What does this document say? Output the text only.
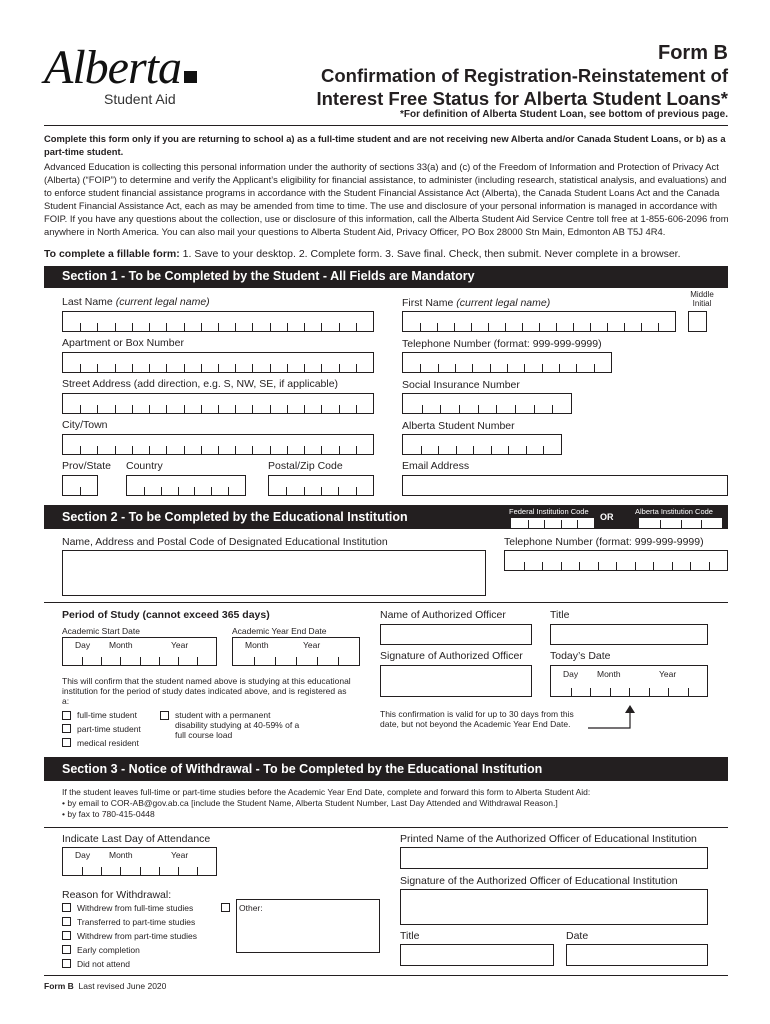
Alberta
Student Aid
Form B
Confirmation of Registration-Reinstatement of
Interest Free Status for Alberta Student Loans*
*For definition of Alberta Student Loan, see bottom of previous page.
Complete this form only if you are returning to school a) as a full-time student and are not receiving new Alberta and/or Canada Student Loans, or b) as a part-time student.
Advanced Education is collecting this personal information under the authority of sections 33(a) and (c) of the Freedom of Information and Protection of Privacy Act (Alberta) (“FOIP”) to determine and verify the Applicant’s eligibility for financial assistance, to administer (including research, statistical analysis, and evaluations) and to enforce student financial assistance programs in accordance with the Student Financial Assistance Act (Alberta), the Canada Student Loans Act and the Canada Student Financial Assistance Act, each as may be amended from time to time. The use and disclosure of your personal information is managed in accordance with FOIP. If you have any questions about the collection, use or disclosure of this information, call the Alberta Student Aid Service Centre toll free at 1-855-606-2096 from anywhere in North America. You can also mail your questions to Alberta Student Aid, Privacy Officer, PO Box 28000 Stn Main, Edmonton AB T5J 4R4.
To complete a fillable form: 1. Save to your desktop. 2. Complete form. 3. Save final. Check, then submit. Never complete in a browser.
Section 1 - To be Completed by the Student - All Fields are Mandatory
Last Name (current legal name)	First Name (current legal name)
Middle Initial
Apartment or Box Number	Telephone Number (format: 999-999-9999)
Street Address (add direction, e.g. S, NW, SE, if applicable)	Social Insurance Number
City/Town	Alberta Student Number
Prov/State Country	Postal/Zip Code	Email Address
Section 2 - To be Completed by the Educational Institution	Federal Institution Code
OR
Alberta Institution Code
Name, Address and Postal Code of Designated Educational Institution	Telephone Number (format: 999-999-9999)
Period of Study (cannot exceed 365 days)
Academic Start Date	Academic Year End Date
Day Month	Year	Month	Year
This will confirm that the student named above is studying at this educational institution for the period of study dates indicated above, and is registered as a:
full-time student
part-time student
medical resident
student with a permanent disability studying at 40-59% of a full course load
Name of Authorized Officer	Title
Signature of Authorized Officer	Today’s Date
Day Month	Year
This confirmation is valid for up to 30 days from this date, but not beyond the Academic Year End Date.
Section 3 - Notice of Withdrawal - To be Completed by the Educational Institution
If the student leaves full-time or part-time studies before the Academic Year End Date, complete and forward this form to Alberta Student Aid:
• by email to COR-AB@gov.ab.ca [include the Student Name, Alberta Student Number, Last Day Attended and Withdrawal Reason.]
• by fax to 780-415-0448
Indicate Last Day of Attendance
Day Month	Year
Reason for Withdrawal:
Withdrew from full-time studies
Transferred to part-time studies
Withdrew from part-time studies
Early completion
Did not attend
Other:
Printed Name of the Authorized Officer of Educational Institution
Signature of the Authorized Officer of Educational Institution
Title	Date
Form B Last revised June 2020
